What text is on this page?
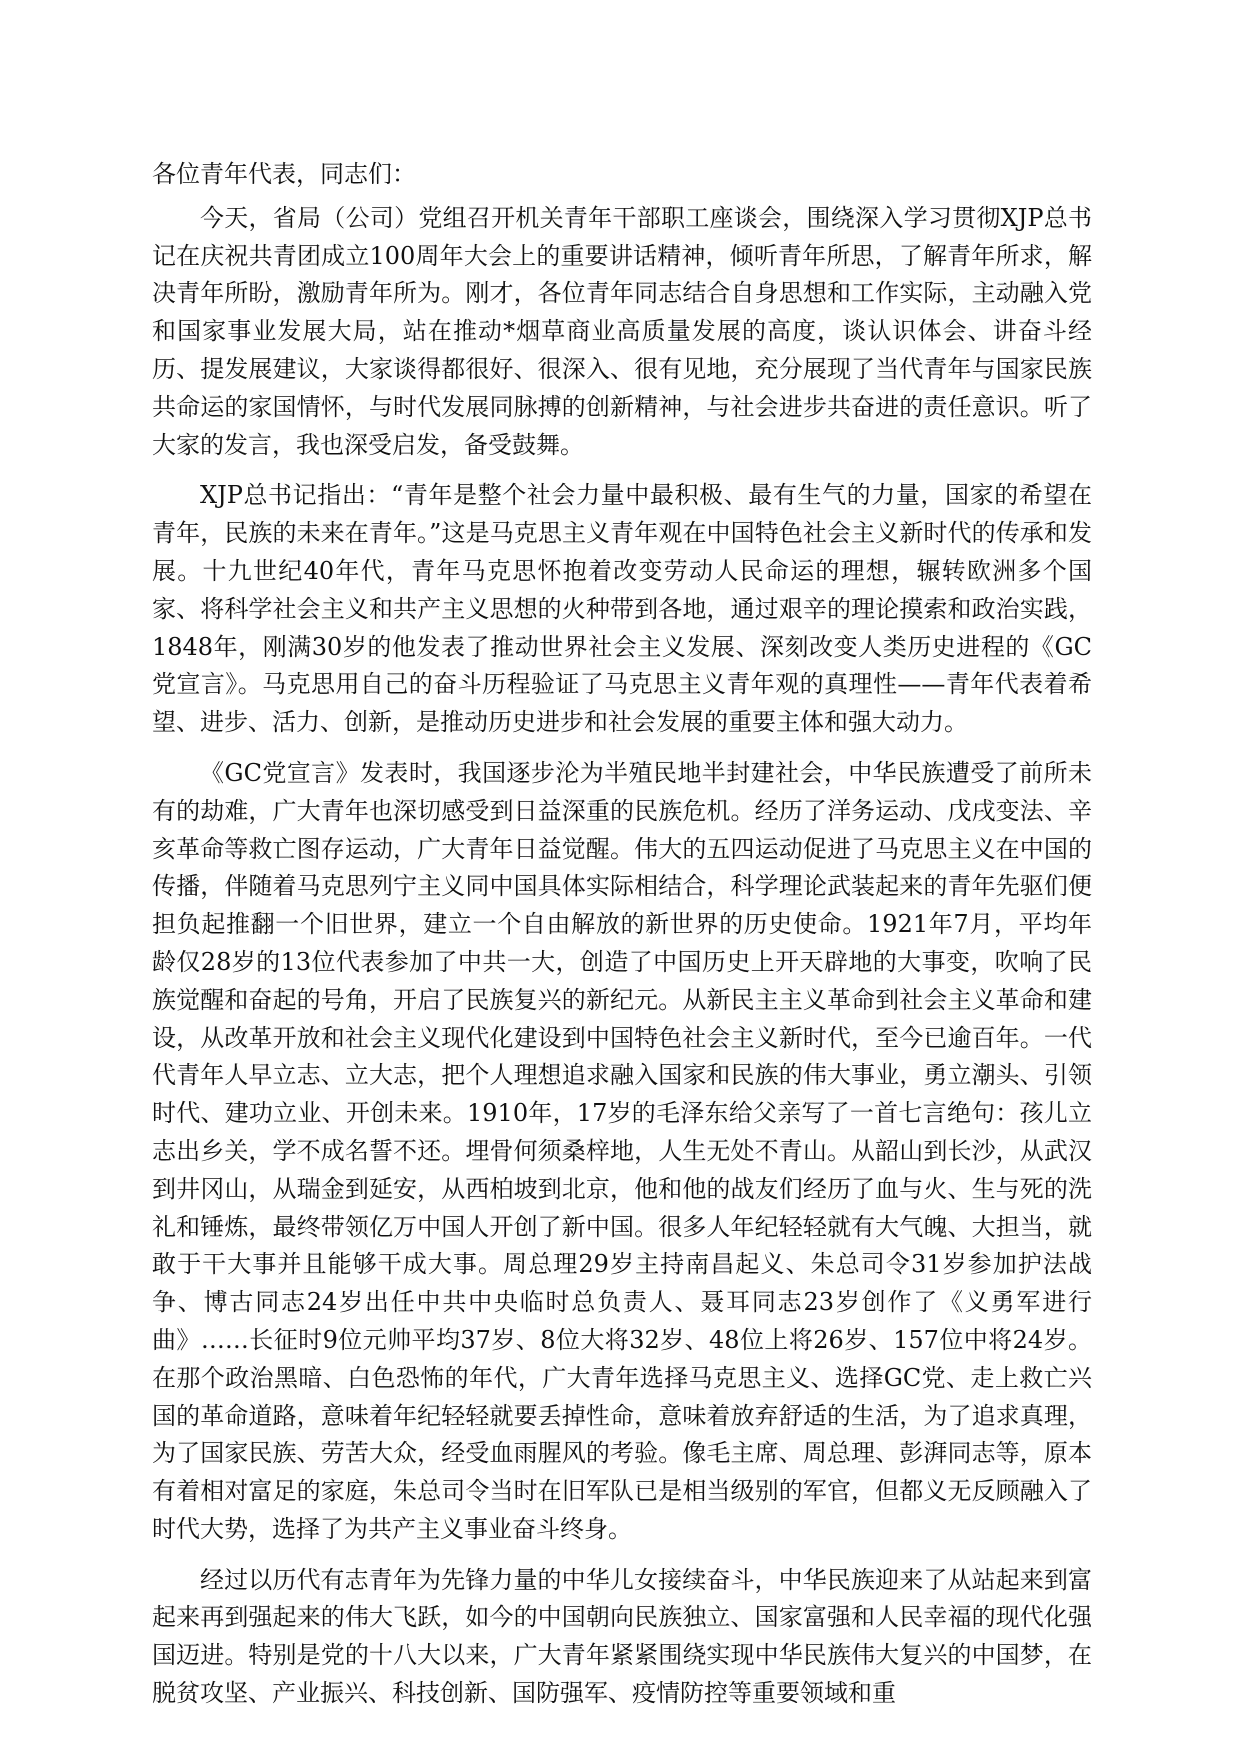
各位青年代表，同志们：

今天，省局（公司）党组召开机关青年干部职工座谈会，围绕深入学习贯彻XJP总书记在庆祝共青团成立100周年大会上的重要讲话精神，倾听青年所思，了解青年所求，解决青年所盼，激励青年所为。刚才，各位青年同志结合自身思想和工作实际，主动融入党和国家事业发展大局，站在推动*烟草商业高质量发展的高度，谈认识体会、讲奋斗经历、提发展建议，大家谈得都很好、很深入、很有见地，充分展现了当代青年与国家民族共命运的家国情怀，与时代发展同脉搏的创新精神，与社会进步共奋进的责任意识。听了大家的发言，我也深受启发，备受鼓舞。

XJP总书记指出：“青年是整个社会力量中最积极、最有生气的力量，国家的希望在青年，民族的未来在青年。”这是马克思主义青年观在中国特色社会主义新时代的传承和发展。十九世纪40年代，青年马克思怀抱着改变劳动人民命运的理想，辗转欧洲多个国家、将科学社会主义和共产主义思想的火种带到各地，通过艰辛的理论摸索和政治实践，1848年，刚满30岁的他发表了推动世界社会主义发展、深刻改变人类历史进程的《GC党宣言》。马克思用自己的奋斗历程验证了马克思主义青年观的真理性——青年代表着希望、进步、活力、创新，是推动历史进步和社会发展的重要主体和强大动力。

《GC党宣言》发表时，我国逐步沦为半殖民地半封建社会，中华民族遭受了前所未有的劫难，广大青年也深切感受到日益深重的民族危机。经历了洋务运动、戊戌变法、辛亥革命等救亡图存运动，广大青年日益觉醒。伟大的五四运动促进了马克思主义在中国的传播，伴随着马克思列宁主义同中国具体实际相结合，科学理论武装起来的青年先驱们便担负起推翻一个旧世界，建立一个自由解放的新世界的历史使命。1921年7月，平均年龄仅28岁的13位代表参加了中共一大，创造了中国历史上开天辟地的大事变，吹响了民族觉醒和奋起的号角，开启了民族复兴的新纪元。从新民主主义革命到社会主义革命和建设，从改革开放和社会主义现代化建设到中国特色社会主义新时代，至今已逾百年。一代代青年人早立志、立大志，把个人理想追求融入国家和民族的伟大事业，勇立潮头、引领时代、建功立业、开创未来。1910年，17岁的毛泽东给父亲写了一首七言绝句：孩儿立志出乡关，学不成名誓不还。埋骨何须桑梓地，人生无处不青山。从韶山到长沙，从武汉到井冈山，从瑞金到延安，从西柏坡到北京，他和他的战友们经历了血与火、生与死的洗礼和锤炼，最终带领亿万中国人开创了新中国。很多人年纪轻轻就有大气魄、大担当，就敢于干大事并且能够干成大事。周总理29岁主持南昌起义、朱总司令31岁参加护法战争、博古同志24岁出任中共中央临时总负责人、聂耳同志23岁创作了《义勇军进行曲》……长征时9位元帅平均37岁、8位大将32岁、48位上将26岁、157位中将24岁。在那个政治黑暗、白色恐怖的年代，广大青年选择马克思主义、选择GC党、走上救亡兴国的革命道路，意味着年纪轻轻就要丢掉性命，意味着放弃舒适的生活，为了追求真理，为了国家民族、劳苦大众，经受血雨腥风的考验。像毛主席、周总理、彭湃同志等，原本有着相对富足的家庭，朱总司令当时在旧军队已是相当级别的军官，但都义无反顾融入了时代大势，选择了为共产主义事业奋斗终身。

经过以历代有志青年为先锋力量的中华儿女接续奋斗，中华民族迎来了从站起来到富起来再到强起来的伟大飞跃，如今的中国朝向民族独立、国家富强和人民幸福的现代化强国迈进。特别是党的十八大以来，广大青年紧紧围绕实现中华民族伟大复兴的中国梦，在脱贫攻坚、产业振兴、科技创新、国防强军、疫情防控等重要领域和重
